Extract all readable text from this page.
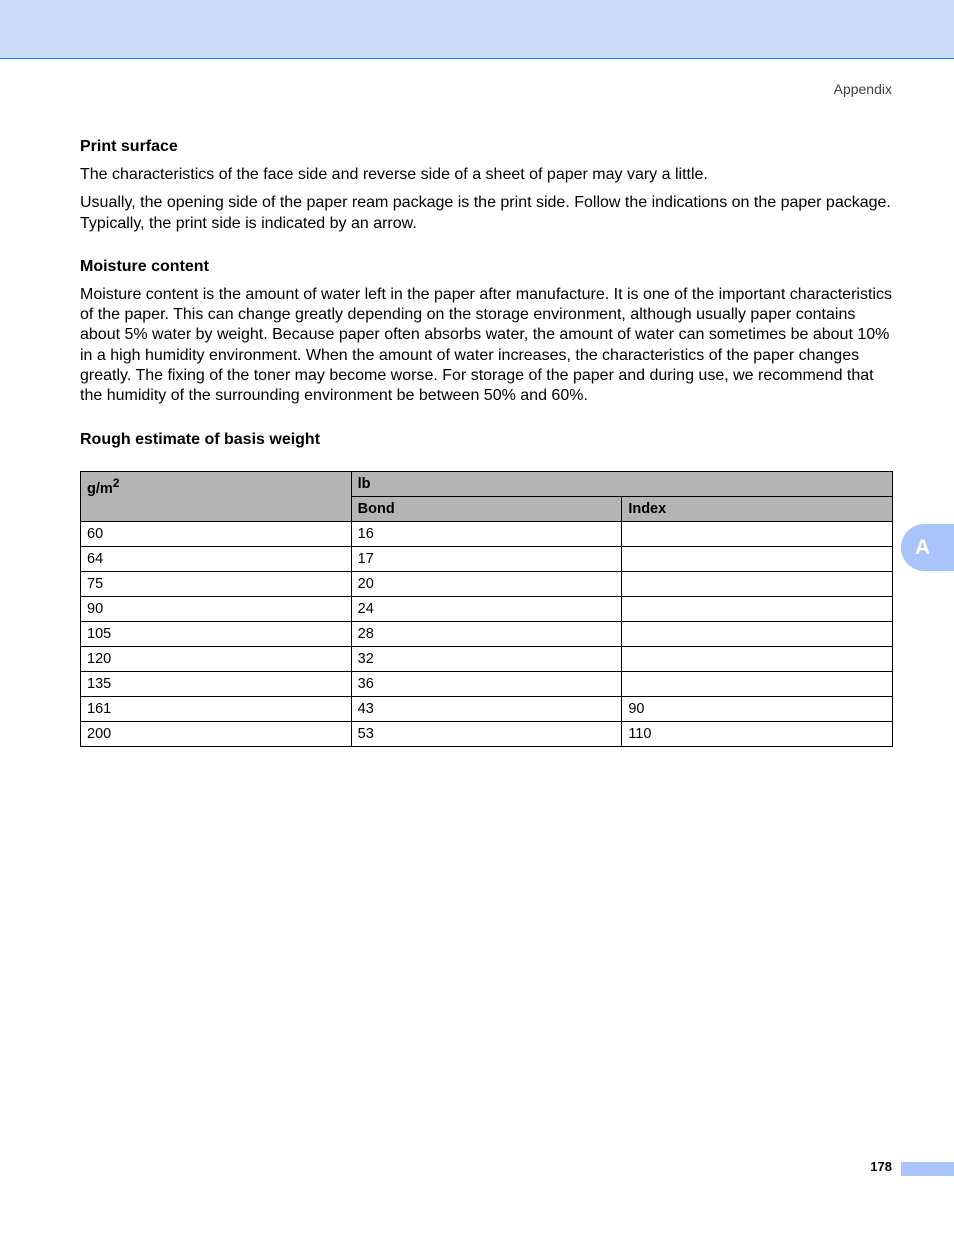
Appendix
Print surface

The characteristics of the face side and reverse side of a sheet of paper may vary a little.

Usually, the opening side of the paper ream package is the print side. Follow the indications on the paper package. Typically, the print side is indicated by an arrow.

Moisture content

Moisture content is the amount of water left in the paper after manufacture. It is one of the important characteristics of the paper. This can change greatly depending on the storage environment, although usually paper contains about 5% water by weight. Because paper often absorbs water, the amount of water can sometimes be about 10% in a high humidity environment. When the amount of water increases, the characteristics of the paper changes greatly. The fixing of the toner may become worse. For storage of the paper and during use, we recommend that the humidity of the surrounding environment be between 50% and 60%.

Rough estimate of basis weight
$g/m^2$	lb	
	Bond	Index
60	16	
64	17	
75	20	
90	24	
105	28	
120	32	
135	36	
161	43	90
200	53	110
A
178
